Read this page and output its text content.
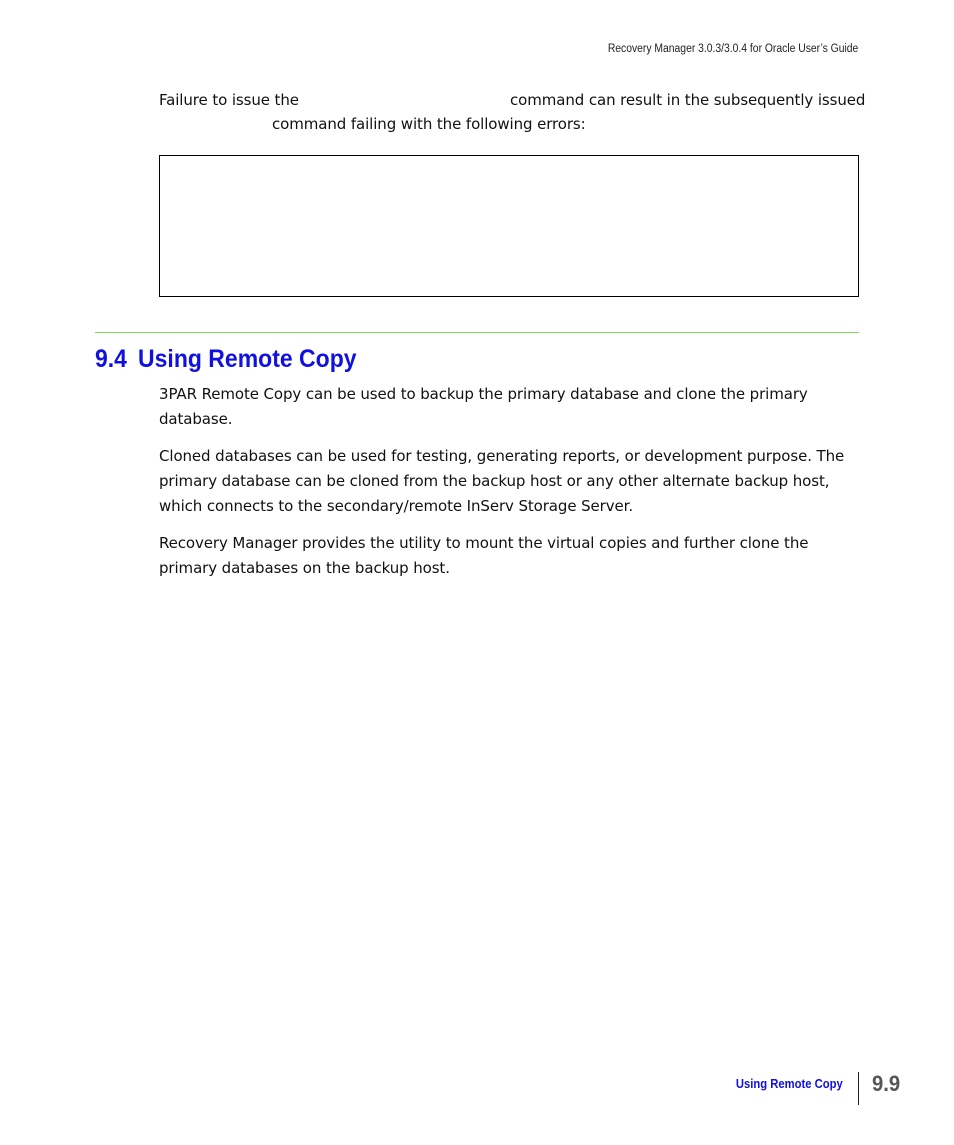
Recovery Manager 3.0.3/3.0.4 for Oracle User’s Guide
Failure to issue the	command can result in the subsequently issued
command failing with the following errors:
9.4 Using Remote Copy

3PAR Remote Copy can be used to backup the primary database and clone the primary database.

Cloned databases can be used for testing, generating reports, or development purpose. The primary database can be cloned from the backup host or any other alternate backup host, which connects to the secondary/remote InServ Storage Server.

Recovery Manager provides the utility to mount the virtual copies and further clone the primary databases on the backup host.

Using Remote Copy 9.9
